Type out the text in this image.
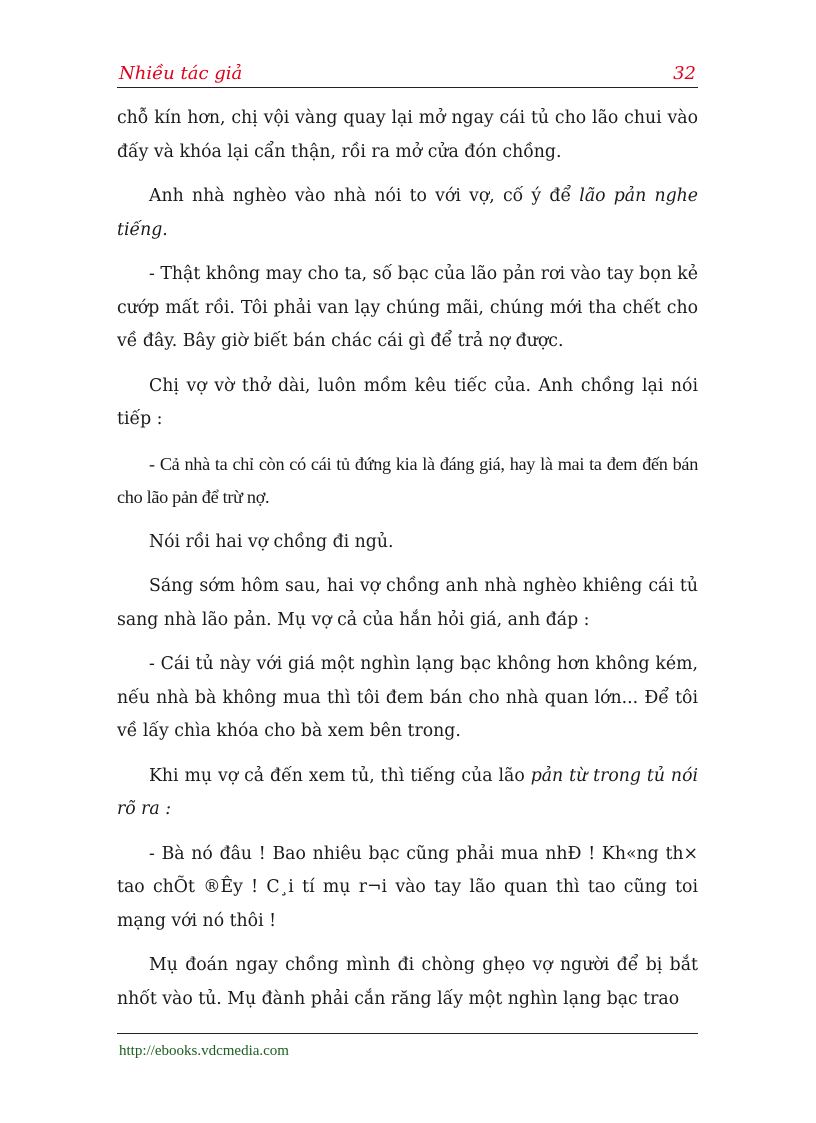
Nhiều tác giả	32

chỗ kín hơn, chị vội vàng quay lại mở ngay cái tủ cho lão chui vào đấy và khóa lại cẩn thận, rồi ra mở cửa đón chồng.

Anh nhà nghèo vào nhà nói to với vợ, cố ý để lão pản nghe tiếng.

- Thật không may cho ta, số bạc của lão pản rơi vào tay bọn kẻ cướp mất rồi. Tôi phải van lạy chúng mãi, chúng mới tha chết cho về đây. Bây giờ biết bán chác cái gì để trả nợ được.

Chị vợ vờ thở dài, luôn mồm kêu tiếc của. Anh chồng lại nói tiếp :

- Cả nhà ta chỉ còn có cái tủ đứng kia là đáng giá, hay là mai ta đem đến bán cho lão pản để trừ nợ.

Nói rồi hai vợ chồng đi ngủ.

Sáng sớm hôm sau, hai vợ chồng anh nhà nghèo khiêng cái tủ sang nhà lão pản. Mụ vợ cả của hắn hỏi giá, anh đáp :

- Cái tủ này với giá một nghìn lạng bạc không hơn không kém, nếu nhà bà không mua thì tôi đem bán cho nhà quan lớn... Để tôi về lấy chìa khóa cho bà xem bên trong.

Khi mụ vợ cả đến xem tủ, thì tiếng của lão pản từ trong tủ nói rõ ra :

- Bà nó đâu ! Bao nhiêu bạc cũng phải mua nhĐ ! Kh«ng th× tao chÕt ®Êy ! C¸i tí mụ r¬i vào tay lão quan thì tao cũng toi mạng với nó thôi !

Mụ đoán ngay chồng mình đi chòng ghẹo vợ người để bị bắt nhốt vào tủ. Mụ đành phải cắn răng lấy một nghìn lạng bạc trao

http://ebooks.vdcmedia.com
